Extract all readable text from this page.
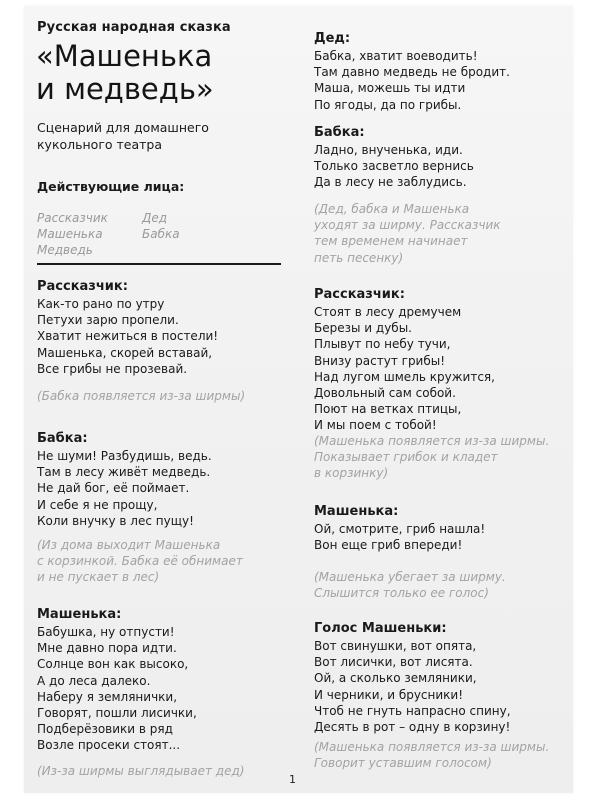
Русская народная сказка
«Машенька
и медведь»
Сценарий для домашнего
кукольного театра
Действующие лица:
Рассказчик
Машенька
Медведь
Дед
Бабка
Рассказчик:
Как-то рано по утру
Петухи зарю пропели.
Хватит нежиться в постели!
Машенька, скорей вставай,
Все грибы не прозевай.
(Бабка появляется из-за ширмы)
Бабка:
Не шуми! Разбудишь, ведь.
Там в лесу живёт медведь.
Не дай бог, её поймает.
И себе я не прощу,
Коли внучку в лес пущу!
(Из дома выходит Машенька
с корзинкой. Бабка её обнимает
и не пускает в лес)
Машенька:
Бабушка, ну отпусти!
Мне давно пора идти.
Солнце вон как высоко,
А до леса далеко.
Наберу я землянички,
Говорят, пошли лисички,
Подберёзовики в ряд
Возле просеки стоят...
(Из-за ширмы выглядывает дед)
Дед:
Бабка, хватит воеводить!
Там давно медведь не бродит.
Маша, можешь ты идти
По ягоды, да по грибы.
Бабка:
Ладно, внученька, иди.
Только засветло вернись
Да в лесу не заблудись.
(Дед, бабка и Машенька
уходят за ширму. Рассказчик
тем временем начинает
петь песенку)
Рассказчик:
Стоят в лесу дремучем
Березы и дубы.
Плывут по небу тучи,
Внизу растут грибы!
Над лугом шмель кружится,
Довольный сам собой.
Поют на ветках птицы,
И мы поем с тобой!
(Машенька появляется из-за ширмы.
Показывает грибок и кладет
в корзинку)
Машенька:
Ой, смотрите, гриб нашла!
Вон еще гриб впереди!
(Машенька убегает за ширму.
Слышится только ее голос)
Голос Машеньки:
Вот свинушки, вот опята,
Вот лисички, вот лисята.
Ой, а сколько земляники,
И черники, и брусники!
Чтоб не гнуть напрасно спину,
Десять в рот – одну в корзину!
(Машенька появляется из-за ширмы.
Говорит уставшим голосом)
1
